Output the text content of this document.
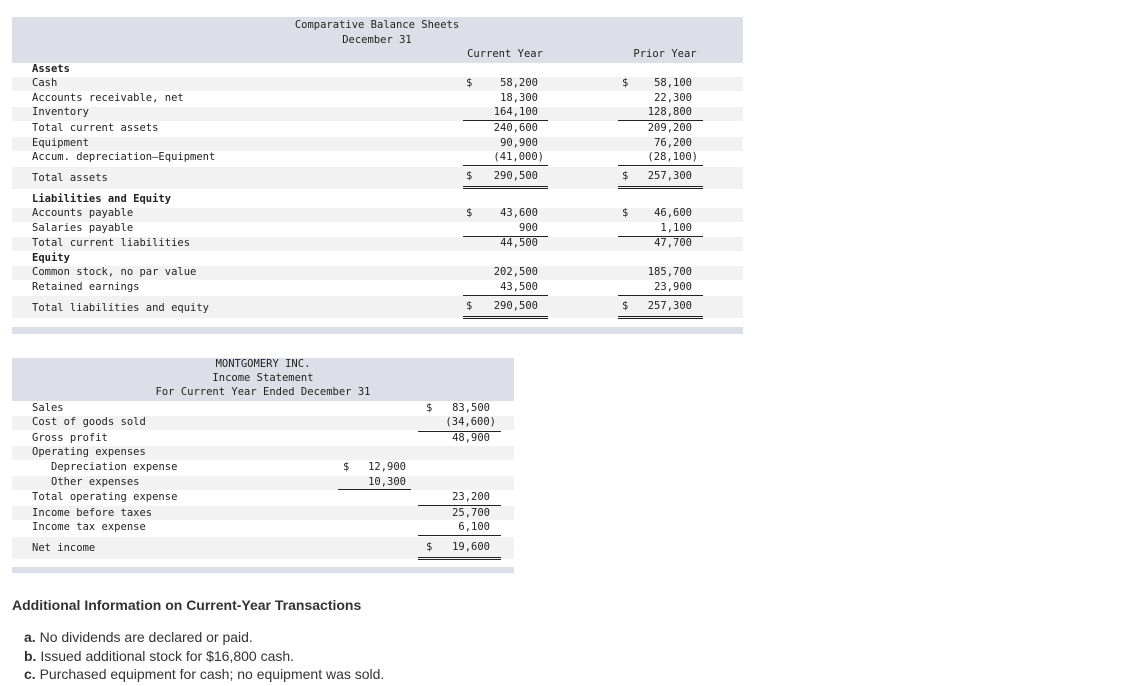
Comparative Balance Sheets
December 31
Current Year	Prior Year
Assets
Cash	$	58,200	$	58,100
Accounts receivable, net	18,300	22,300
Inventory	164,100	128,800
Total current assets	240,600	209,200
Equipment	90,900	76,200
Accum. depreciation—Equipment	(41,000)	(28,100)
Total assets	$	290,500	$	257,300
Liabilities and Equity
Accounts payable	$	43,600	$	46,600
Salaries payable	900	1,100
Total current liabilities	44,500	47,700
Equity
Common stock, no par value	202,500	185,700
Retained earnings	43,500	23,900
Total liabilities and equity	$	290,500	$	257,300
MONTGOMERY INC.
Income Statement
For Current Year Ended December 31
Sales	$	83,500
Cost of goods sold	(34,600)
Gross profit	48,900
Operating expenses
Depreciation expense	$	12,900
Other expenses	10,300
Total operating expense	23,200
Income before taxes	25,700
Income tax expense	6,100
Net income	$	19,600
Additional Information on Current-Year Transactions
a. No dividends are declared or paid.
b. Issued additional stock for $16,800 cash.
c. Purchased equipment for cash; no equipment was sold.
